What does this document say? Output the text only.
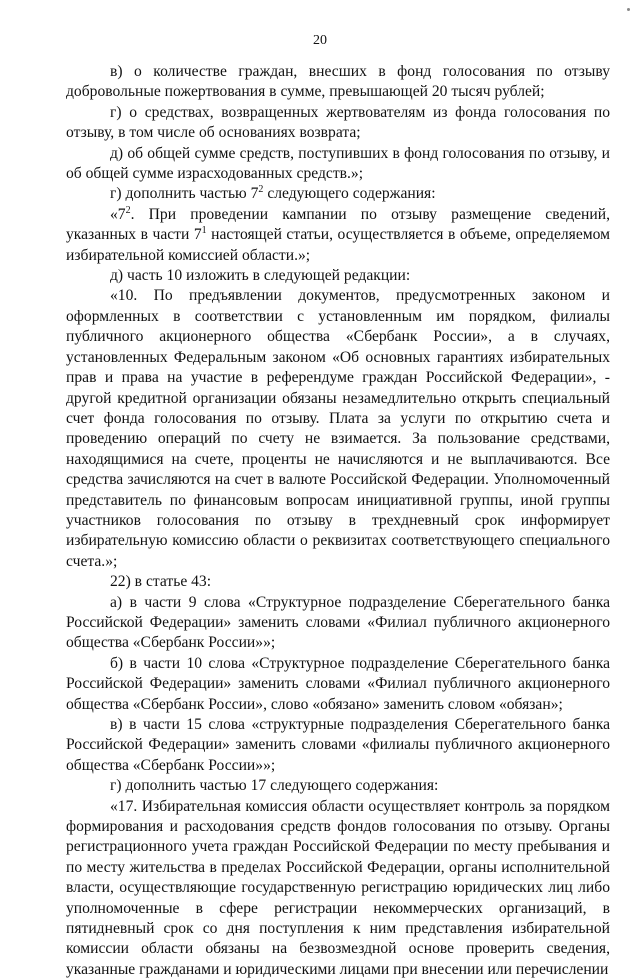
20

в) о количестве граждан, внесших в фонд голосования по отзыву добровольные пожертвования в сумме, превышающей 20 тысяч рублей;

г) о средствах, возвращенных жертвователям из фонда голосования по отзыву, в том числе об основаниях возврата;

д) об общей сумме средств, поступивших в фонд голосования по отзыву, и об общей сумме израсходованных средств.»;

г) дополнить частью $7^2$ следующего содержания:

«$7^2$. При проведении кампании по отзыву размещение сведений, указанных в части $7^1$ настоящей статьи, осуществляется в объеме, определяемом избирательной комиссией области.»;

д) часть 10 изложить в следующей редакции:

«10. По предъявлении документов, предусмотренных законом и оформленных в соответствии с установленным им порядком, филиалы публичного акционерного общества «Сбербанк России», а в случаях, установленных Федеральным законом «Об основных гарантиях избирательных прав и права на участие в референдуме граждан Российской Федерации», - другой кредитной организации обязаны незамедлительно открыть специальный счет фонда голосования по отзыву. Плата за услуги по открытию счета и проведению операций по счету не взимается. За пользование средствами, находящимися на счете, проценты не начисляются и не выплачиваются. Все средства зачисляются на счет в валюте Российской Федерации. Уполномоченный представитель по финансовым вопросам инициативной группы, иной группы участников голосования по отзыву в трехдневный срок информирует избирательную комиссию области о реквизитах соответствующего специального счета.»;

22) в статье 43:

а) в части 9 слова «Структурное подразделение Сберегательного банка Российской Федерации» заменить словами «Филиал публичного акционерного общества «Сбербанк России»»;

б) в части 10 слова «Структурное подразделение Сберегательного банка Российской Федерации» заменить словами «Филиал публичного акционерного общества «Сбербанк России», слово «обязано» заменить словом «обязан»;

в) в части 15 слова «структурные подразделения Сберегательного банка Российской Федерации» заменить словами «филиалы публичного акционерного общества «Сбербанк России»»;

г) дополнить частью 17 следующего содержания:

«17. Избирательная комиссия области осуществляет контроль за порядком формирования и расходования средств фондов голосования по отзыву. Органы регистрационного учета граждан Российской Федерации по месту пребывания и по месту жительства в пределах Российской Федерации, органы исполнительной власти, осуществляющие государственную регистрацию юридических лиц либо уполномоченные в сфере регистрации некоммерческих организаций, в пятидневный срок со дня поступления к ним представления избирательной комиссии области обязаны на безвозмездной основе проверить сведения, указанные гражданами и юридическими лицами при внесении или перечислении
